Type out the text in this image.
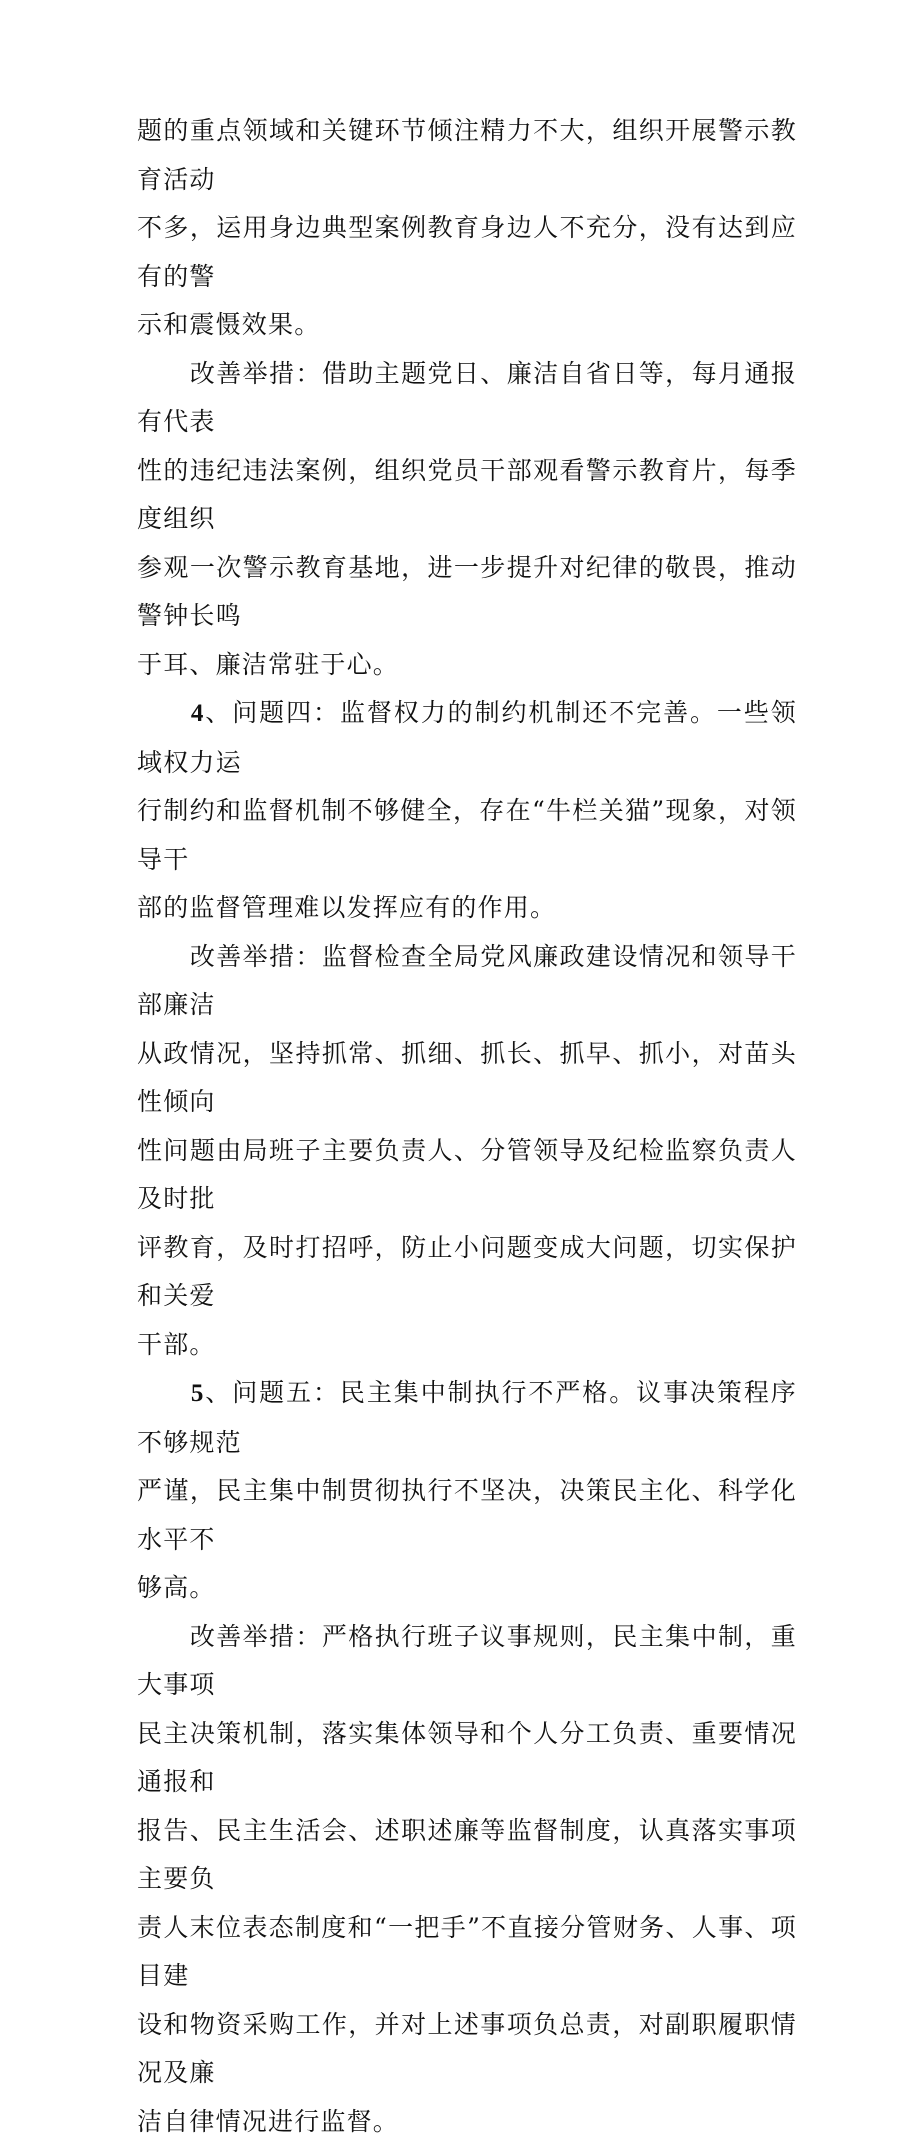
题的重点领域和关键环节倾注精力不大，组织开展警示教育活动
不多，运用身边典型案例教育身边人不充分，没有达到应有的警
示和震慑效果。

　　改善举措：借助主题党日、廉洁自省日等，每月通报有代表
性的违纪违法案例，组织党员干部观看警示教育片，每季度组织
参观一次警示教育基地，进一步提升对纪律的敬畏，推动警钟长鸣
于耳、廉洁常驻于心。

　　4、问题四：监督权力的制约机制还不完善。一些领域权力运
行制约和监督机制不够健全，存在“牛栏关猫”现象，对领导干
部的监督管理难以发挥应有的作用。

　　改善举措：监督检查全局党风廉政建设情况和领导干部廉洁
从政情况，坚持抓常、抓细、抓长、抓早、抓小，对苗头性倾向
性问题由局班子主要负责人、分管领导及纪检监察负责人及时批
评教育，及时打招呼，防止小问题变成大问题，切实保护和关爱
干部。

　　5、问题五：民主集中制执行不严格。议事决策程序不够规范
严谨，民主集中制贯彻执行不坚决，决策民主化、科学化水平不
够高。

　　改善举措：严格执行班子议事规则，民主集中制，重大事项
民主决策机制，落实集体领导和个人分工负责、重要情况通报和
报告、民主生活会、述职述廉等监督制度，认真落实事项主要负
责人末位表态制度和“一把手”不直接分管财务、人事、项目建
设和物资采购工作，并对上述事项负总责，对副职履职情况及廉
洁自律情况进行监督。
